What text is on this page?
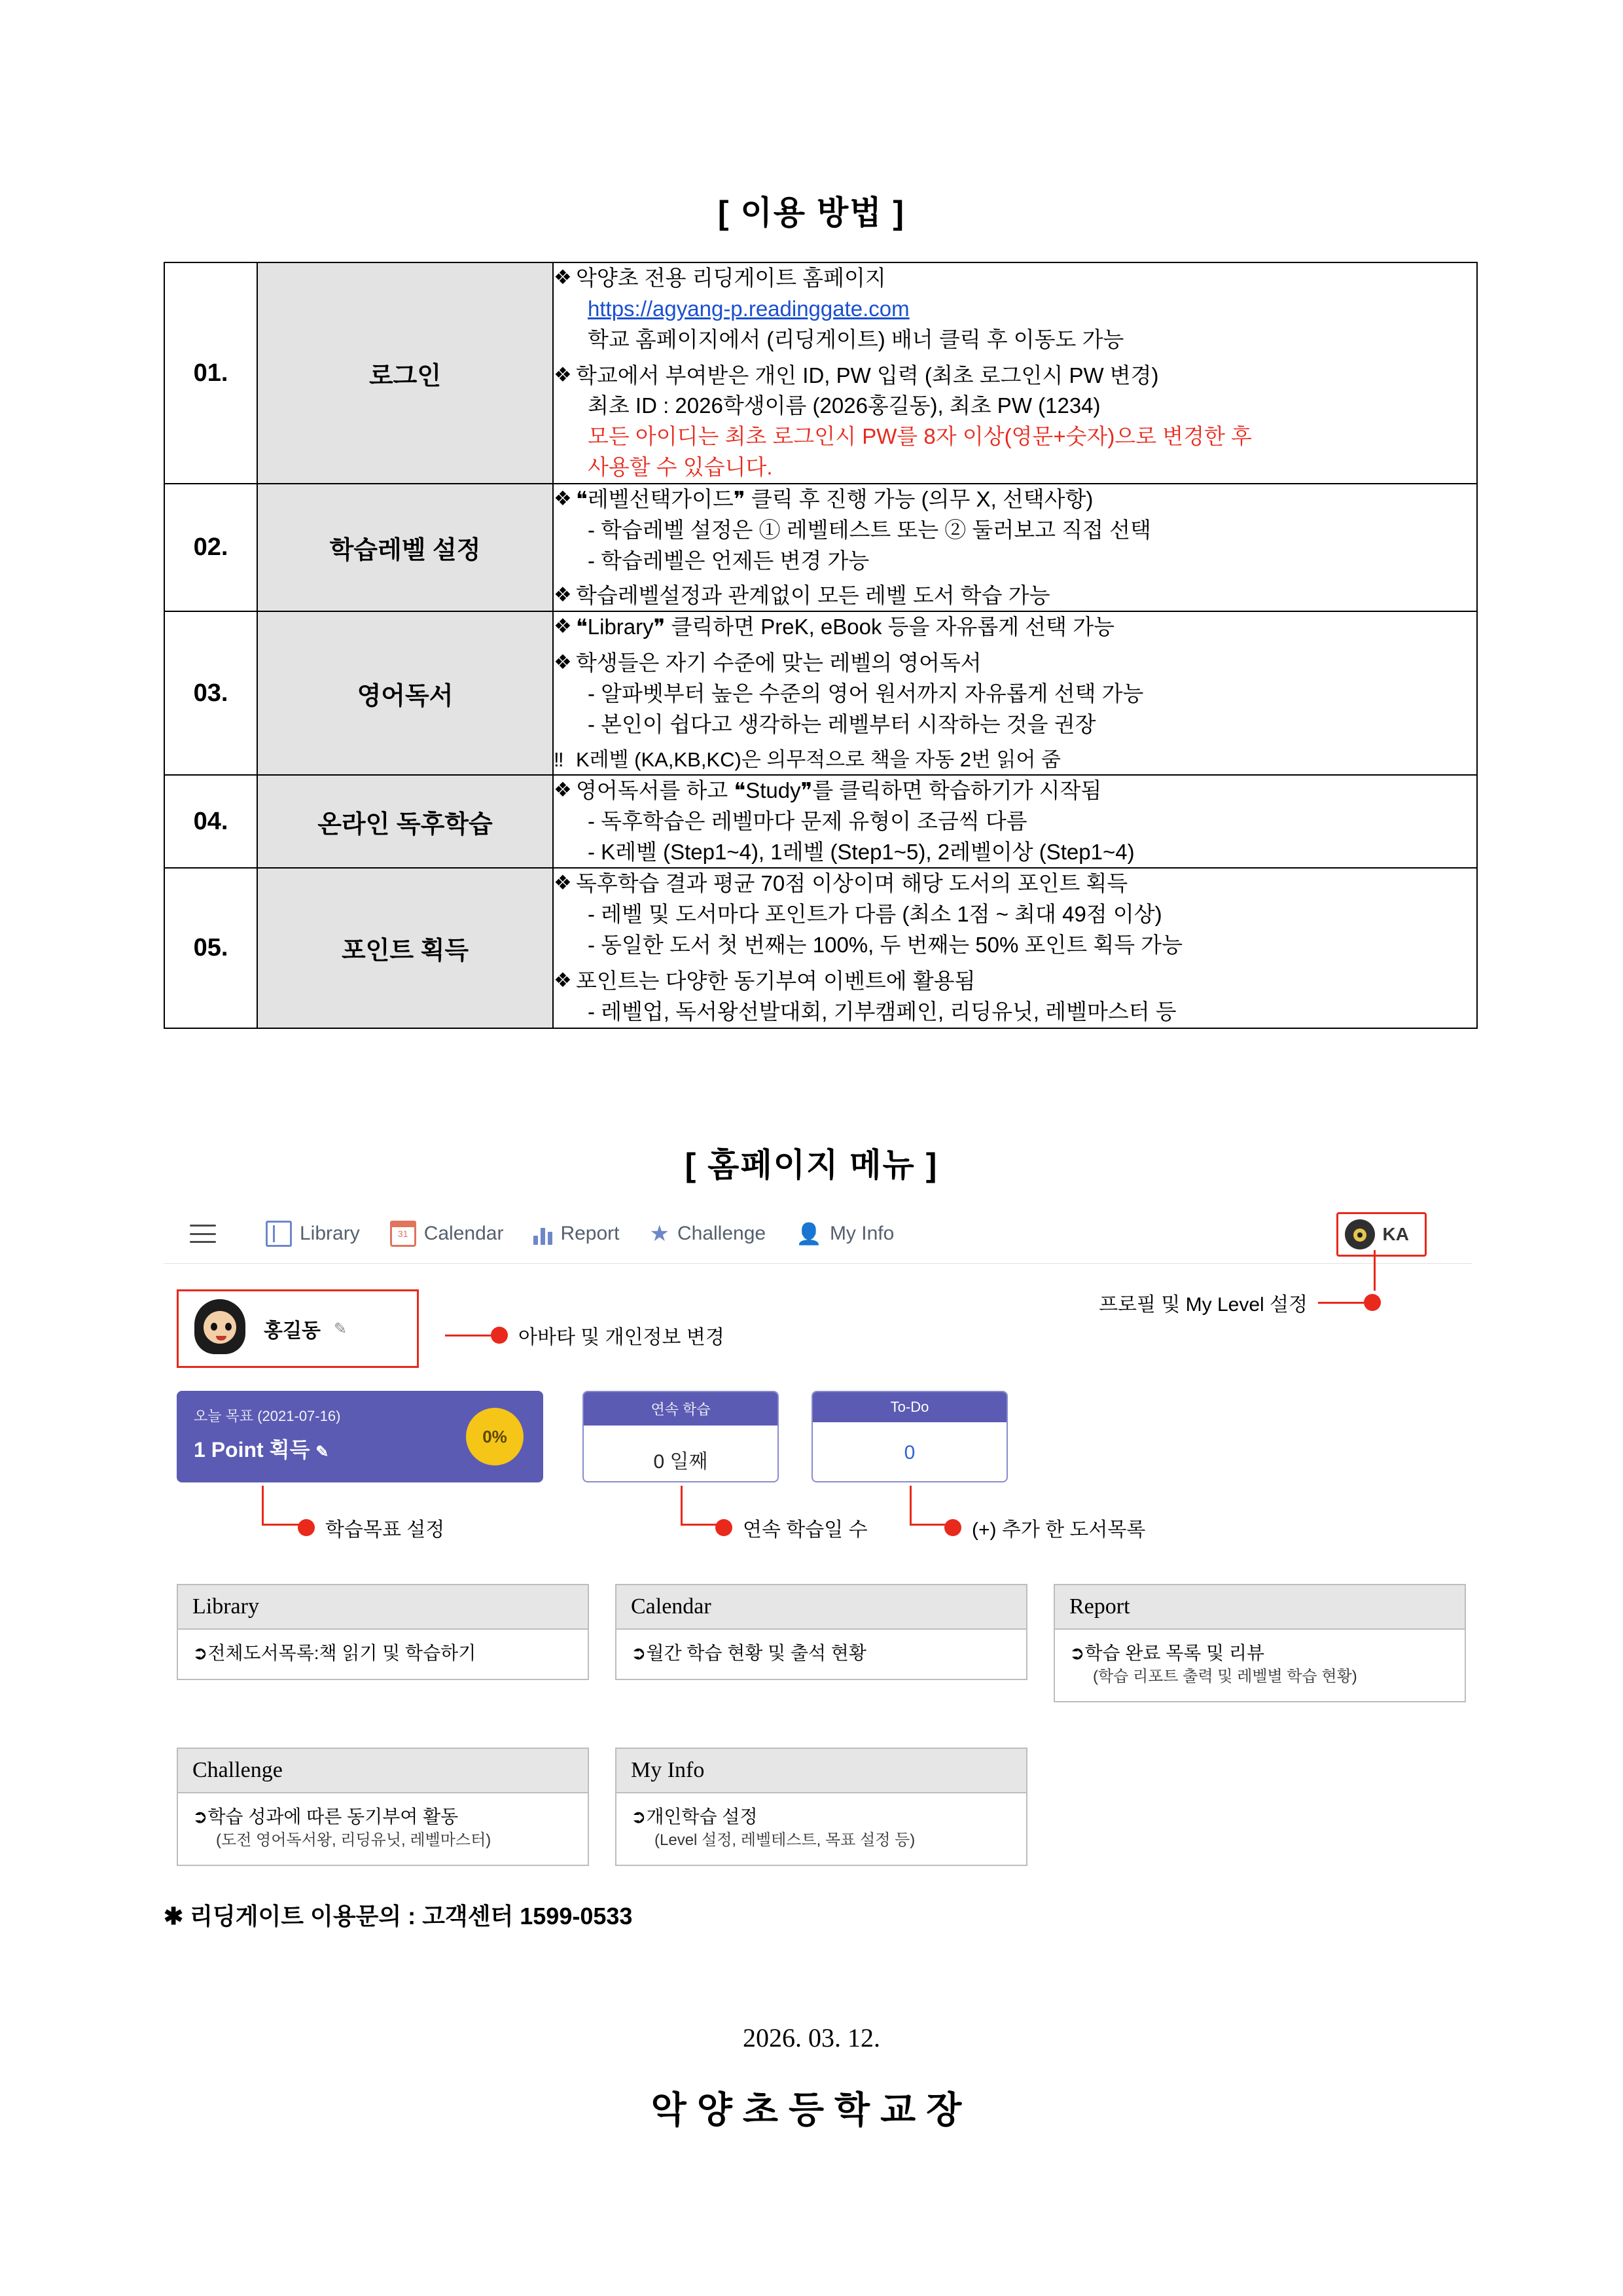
[ 이용 방법 ]
01.	로그인	
❖ 악양초 전용 리딩게이트 홈페이지
https://agyang-p.readinggate.com
학교 홈페이지에서 (리딩게이트) 배너 클릭 후 이동도 가능
❖ 학교에서 부여받은 개인 ID, PW 입력 (최초 로그인시 PW 변경)
최초 ID : 2026학생이름 (2026홍길동), 최초 PW (1234)
모든 아이디는 최초 로그인시 PW를 8자 이상(영문+숫자)으로 변경한 후
사용할 수 있습니다.

02.	학습레벨 설정	
❖ ❝레벨선택가이드❞ 클릭 후 진행 가능 (의무 X, 선택사항)
- 학습레벨 설정은 ① 레벨테스트 또는 ② 둘러보고 직접 선택
- 학습레벨은 언제든 변경 가능
❖ 학습레벨설정과 관계없이 모든 레벨 도서 학습 가능

03.	영어독서	
❖ ❝Library❞ 클릭하면 PreK, eBook 등을 자유롭게 선택 가능
❖ 학생들은 자기 수준에 맞는 레벨의 영어독서
- 알파벳부터 높은 수준의 영어 원서까지 자유롭게 선택 가능
- 본인이 쉽다고 생각하는 레벨부터 시작하는 것을 권장
‼ K레벨 (KA,KB,KC)은 의무적으로 책을 자동 2번 읽어 줌

04.	온라인 독후학습	❖ 영어독서를 하고 ❝Study❞를 클릭하면 학습하기가 시작됨
- 독후학습은 레벨마다 문제 유형이 조금씩 다름
- K레벨 (Step1~4), 1레벨 (Step1~5), 2레벨이상 (Step1~4)

05.	포인트 획득	
❖ 독후학습 결과 평균 70점 이상이며 해당 도서의 포인트 획득
- 레벨 및 도서마다 포인트가 다름 (최소 1점 ~ 최대 49점 이상)
- 동일한 도서 첫 번째는 100%, 두 번째는 50% 포인트 획득 가능
❖ 포인트는 다양한 동기부여 이벤트에 활용됨
- 레벨업, 독서왕선발대회, 기부캠페인, 리딩유닛, 레벨마스터 등
[ 홈페이지 메뉴 ]
Library	31 Calendar	Report ★ Challenge 👤 My Info	KA
프로필 및 My Level 설정
홍길동 ✎	아바타 및 개인정보 변경
오늘 목표 (2021-07-16)
1 Point 획득 ✎
0%
연속 학습
0 일째
To-Do
0
학습목표 설정	연속 학습일 수	(+) 추가 한 도서목록
Library
➲전체도서목록:책 읽기 및 학습하기
Calendar
➲월간 학습 현황 및 출석 현황
Report
➲학습 완료 목록 및 리뷰
(학습 리포트 출력 및 레벨별 학습 현황)
Challenge
➲학습 성과에 따른 동기부여 활동
(도전 영어독서왕, 리딩유닛, 레벨마스터)
My Info
➲개인학습 설정
(Level 설정, 레벨테스트, 목표 설정 등)
✱ 리딩게이트 이용문의 : 고객센터 1599-0533
2026. 03. 12.
악양초등학교장
